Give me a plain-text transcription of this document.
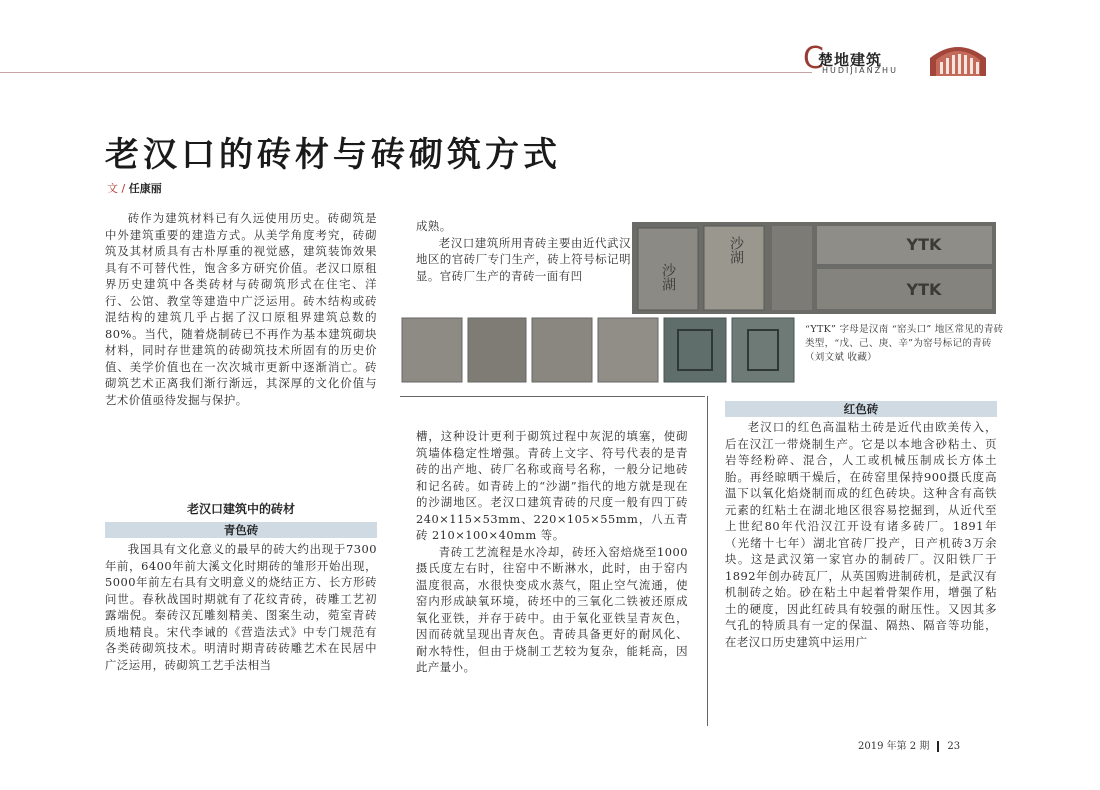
C
楚地建筑
HUDIJIANZHU
老汉口的砖材与砖砌筑方式
文 / 任康丽

砖作为建筑材料已有久远使用历史。砖砌筑是中外建筑重要的建造方式。从美学角度考究，砖砌筑及其材质具有古朴厚重的视觉感，建筑装饰效果具有不可替代性，饱含多方研究价值。老汉口原租界历史建筑中各类砖材与砖砌筑形式在住宅、洋行、公馆、教堂等建造中广泛运用。砖木结构或砖混结构的建筑几乎占据了汉口原租界建筑总数的80%。当代，随着烧制砖已不再作为基本建筑砌块材料，同时存世建筑的砖砌筑技术所固有的历史价值、美学价值也在一次次城市更新中逐渐消亡。砖砌筑艺术正离我们渐行渐远，其深厚的文化价值与艺术价值亟待发掘与保护。

老汉口建筑中的砖材
青色砖

我国具有文化意义的最早的砖大约出现于7300年前，6400年前大溪文化时期砖的雏形开始出现，5000年前左右具有文明意义的烧结正方、长方形砖问世。春秋战国时期就有了花纹青砖，砖雕工艺初露端倪。秦砖汉瓦雕刻精美、图案生动，菀室青砖质地精良。宋代李诫的《营造法式》中专门规范有各类砖砌筑技术。明清时期青砖砖雕艺术在民居中广泛运用，砖砌筑工艺手法相当

成熟。

老汉口建筑所用青砖主要由近代武汉地区的官砖厂专门生产，砖上符号标记明显。官砖厂生产的青砖一面有凹	沙湖
沙湖	YTK
YTK
“YTK” 字母是汉南 “窑头口” 地区常见的青砖类型，“戊、己、庚、辛”为窑号标记的青砖（刘文斌 收藏）

槽，这种设计更利于砌筑过程中灰泥的填塞，使砌筑墙体稳定性增强。青砖上文字、符号代表的是青砖的出产地、砖厂名称或商号名称，一般分记地砖和记名砖。如青砖上的“沙湖”指代的地方就是现在的沙湖地区。老汉口建筑青砖的尺度一般有四丁砖 240×115×53mm、220×105×55mm，八五青砖 210×100×40mm 等。

青砖工艺流程是水冷却，砖坯入窑焙烧至1000摄氏度左右时，往窑中不断淋水，此时，由于窑内温度很高，水很快变成水蒸气，阻止空气流通，使窑内形成缺氧环境，砖坯中的三氧化二铁被还原成氧化亚铁，并存于砖中。由于氧化亚铁呈青灰色，因而砖就呈现出青灰色。青砖具备更好的耐风化、耐水特性，但由于烧制工艺较为复杂，能耗高，因此产量小。

红色砖

老汉口的红色高温粘土砖是近代由欧美传入，后在汉江一带烧制生产。它是以本地含砂粘土、页岩等经粉碎、混合，人工或机械压制成长方体土胎。再经晾晒干燥后，在砖窑里保持900摄氏度高温下以氧化焰烧制而成的红色砖块。这种含有高铁元素的红粘土在湖北地区很容易挖掘到，从近代至上世纪80年代沿汉江开设有诸多砖厂。1891年（光绪十七年）湖北官砖厂投产，日产机砖3万余块。这是武汉第一家官办的制砖厂。汉阳铁厂于1892年创办砖瓦厂，从英国购进制砖机，是武汉有机制砖之始。砂在粘土中起着骨架作用，增强了粘土的硬度，因此红砖具有较强的耐压性。又因其多气孔的特质具有一定的保温、隔热、隔音等功能，在老汉口历史建筑中运用广

2019 年第 2 期 23
